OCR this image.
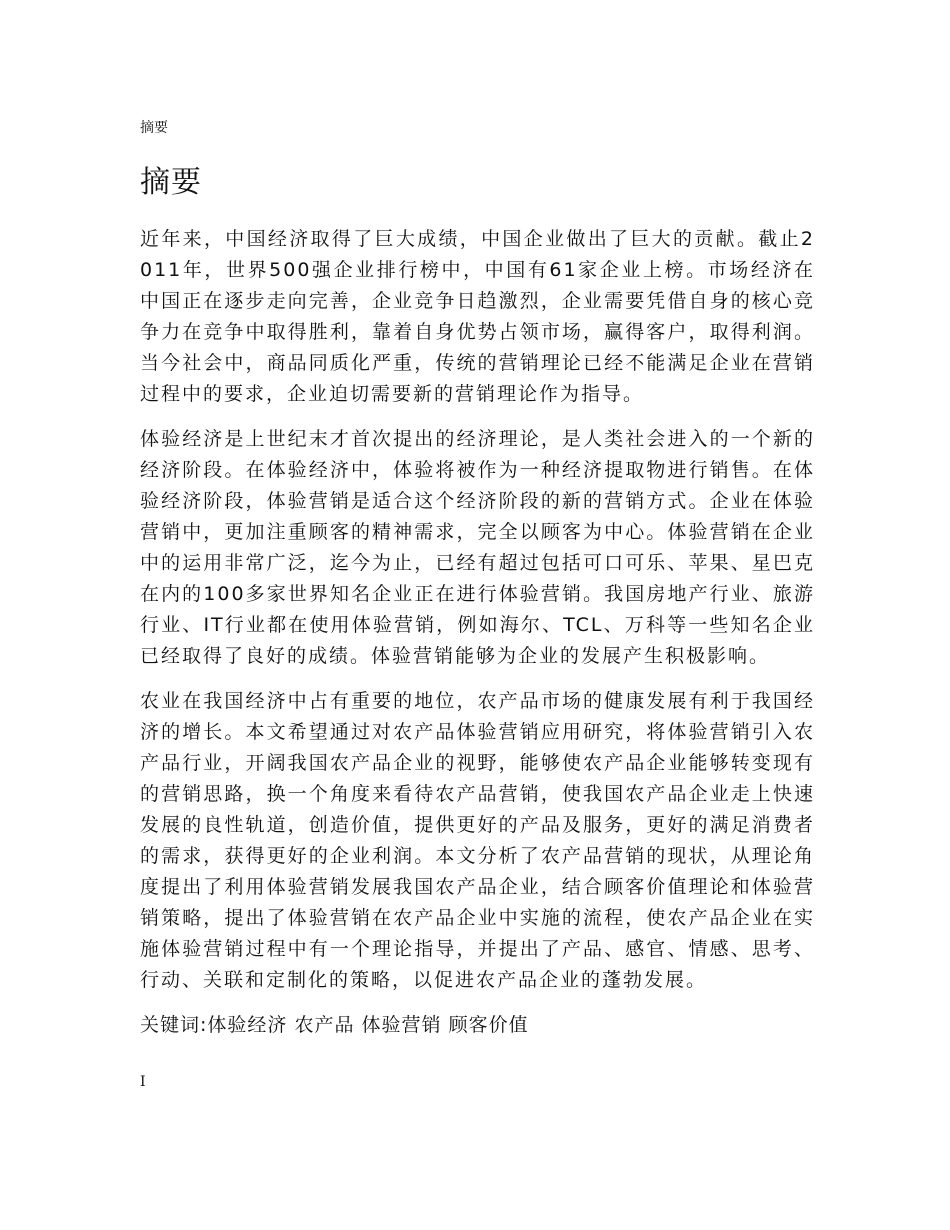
摘要
摘要

近年来，中国经济取得了巨大成绩，中国企业做出了巨大的贡献。截止2011年，世界500强企业排行榜中，中国有61家企业上榜。市场经济在中国正在逐步走向完善，企业竞争日趋激烈，企业需要凭借自身的核心竞争力在竞争中取得胜利，靠着自身优势占领市场，赢得客户，取得利润。当今社会中，商品同质化严重，传统的营销理论已经不能满足企业在营销过程中的要求，企业迫切需要新的营销理论作为指导。

体验经济是上世纪末才首次提出的经济理论，是人类社会进入的一个新的经济阶段。在体验经济中，体验将被作为一种经济提取物进行销售。在体验经济阶段，体验营销是适合这个经济阶段的新的营销方式。企业在体验营销中，更加注重顾客的精神需求，完全以顾客为中心。体验营销在企业中的运用非常广泛，迄今为止，已经有超过包括可口可乐、苹果、星巴克在内的100多家世界知名企业正在进行体验营销。我国房地产行业、旅游行业、IT行业都在使用体验营销，例如海尔、TCL、万科等一些知名企业已经取得了良好的成绩。体验营销能够为企业的发展产生积极影响。

农业在我国经济中占有重要的地位，农产品市场的健康发展有利于我国经济的增长。本文希望通过对农产品体验营销应用研究，将体验营销引入农产品行业，开阔我国农产品企业的视野，能够使农产品企业能够转变现有的营销思路，换一个角度来看待农产品营销，使我国农产品企业走上快速发展的良性轨道，创造价值，提供更好的产品及服务，更好的满足消费者的需求，获得更好的企业利润。本文分析了农产品营销的现状，从理论角度提出了利用体验营销发展我国农产品企业，结合顾客价值理论和体验营销策略，提出了体验营销在农产品企业中实施的流程，使农产品企业在实施体验营销过程中有一个理论指导，并提出了产品、感官、情感、思考、行动、关联和定制化的策略，以促进农产品企业的蓬勃发展。

关键词:体验经济 农产品 体验营销 顾客价值

I
